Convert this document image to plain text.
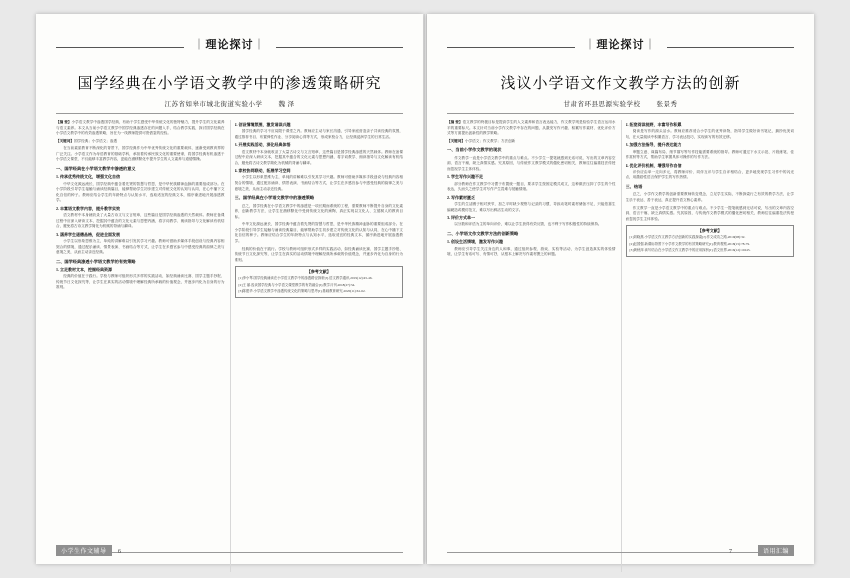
｜理论探讨｜
国学经典在小学语文教学中的渗透策略研究
江苏省如皋市城北街道实验小学 魏 泽

【摘 要】小学语文教学中渗透国学经典，有助于学生感受中华传统文化的独特魅力，提升学生的文化素养与语文素养。本文从当前小学语文教学中国学经典渗透存在的问题入手，结合教学实践，探讨国学经典在小学语文教学中的有效渗透策略，旨在为一线教师提供可资借鉴的经验。

【关键词】国学经典；小学语文；渗透

在当前素质教育不断深化的背景下，国学经典作为中华优秀传统文化的重要载体，逐渐受到教育界的广泛关注。小学语文作为母语教育的基础学科，承担着传承民族文化的重要使命，将国学经典有机渗透于小学语文课堂，不仅能够丰富教学内容，更能在潜移默化中提升学生的人文素养与道德情操。

一、国学经典在小学语文教学中渗透的意义
1. 传承优秀传统文化，增强文化自信

中华文化源远流长，国学经典中蕴含着先贤的智慧与哲思，是中华民族精神血脉的重要组成部分。在小学阶段引导学生接触与诵读经典篇目，能够帮助学生初步建立对传统文化的认知与认同，在心中播下文化自信的种子。教师应结合学生的年龄特点与认知水平，选取适宜的经典文本，循序渐进地开展渗透教学。

2. 丰富语文教学内容，提升教学实效

语文教材中本身就收录了大量古诗文与文言短章，这些篇目是国学经典渗透的天然载体。教师在备课过程中应深入研读文本，挖掘其中蕴含的文化元素与思想内涵，将字词教学、朗读指导与文化解读有机结合，避免将古诗文教学简化为机械的背诵与翻译。

3. 涵养学生道德品格，促进全面发展

小学生以形象思维为主，单纯的讲解难以引发其学习兴趣。教师可借助多媒体手段创设与经典内容相契合的情境，通过配乐诵读、情景表演、书画结合等方式，让学生在多感官参与中感受经典的韵律之美与意境之美，从而主动亲近经典。

二、国学经典渗透小学语文教学的有效策略
1. 立足教材文本，挖掘经典资源

经典的价值在于践行。学校与教师可组织形式多样的实践活动，如经典诵读比赛、国学主题手抄报、传统节日文化探究等，让学生在真实的活动情境中理解经典所承载的价值观念，并逐步内化为自身的行为准则。

2. 创设情境氛围，激发诵读兴趣

国学经典的学习不应局限于课堂之内。教师应主动与家长沟通，引导家庭营造亲子共读经典的氛围，通过推荐书目、布置弹性作业、分享阅读心得等方式，形成家校合力，让经典浸润学生的日常生活。

3. 开展实践活动，深化经典体悟

语文教材中本身就收录了大量古诗文与文言短章，这些篇目是国学经典渗透的天然载体。教师在备课过程中应深入研读文本，挖掘其中蕴含的文化元素与思想内涵，将字词教学、朗读指导与文化解读有机结合，避免将古诗文教学简化为机械的背诵与翻译。

4. 家校协同联动，拓展学习空间

小学生以形象思维为主，单纯的讲解难以引发其学习兴趣。教师可借助多媒体手段创设与经典内容相契合的情境，通过配乐诵读、情景表演、书画结合等方式，让学生在多感官参与中感受经典的韵律之美与意境之美，从而主动亲近经典。

三、国学经典在小学语文教学中的渗透策略

总之，国学经典在小学语文教学中的渗透是一项长期而系统的工程，需要教师不断提升自身的文化素养，创新教学方法，让学生在潜移默化中受到传统文化的熏陶，真正实现以文化人、立德树人的教育目标。

中华文化源远流长，国学经典中蕴含着先贤的智慧与哲思，是中华民族精神血脉的重要组成部分。在小学阶段引导学生接触与诵读经典篇目，能够帮助学生初步建立对传统文化的认知与认同，在心中播下文化自信的种子。教师应结合学生的年龄特点与认知水平，选取适宜的经典文本，循序渐进地开展渗透教学。

经典的价值在于践行。学校与教师可组织形式多样的实践活动，如经典诵读比赛、国学主题手抄报、传统节日文化探究等，让学生在真实的活动情境中理解经典所承载的价值观念，并逐步内化为自身的行为准则。

【参考文献】

[1]李小琴.国学经典诵读在小学语文教学中的渗透路径探析[J].语文教学通讯,2019(12):45-46.

[2]王 丽.浅谈国学经典与小学语文课堂教学的有效融合[J].教学月刊,2018(27):54.

[3]陈建华.小学语文教学中渗透传统文化的策略与思考[J].基础教育研究,2020(11):61-62.

小学生作文辅导	6
｜理论探讨｜
浅议小学语文作文教学方法的创新
甘肃省环县思源实验学校 张景秀

【摘 要】语文教学的终极目标是提高学生的人文素养和语言表达能力，作文教学则是检验学生语言运用水平的重要标尺。本文针对当前小学作文教学中存在的问题，从激发写作兴趣、积累写作素材、优化评价方式等方面提出创新性的教学策略。

【关键词】小学语文；作文教学；方法创新

一、当前小学作文教学的现状

作文教学一直是小学语文教学中的重点与难点。不少学生一提笔就感到无话可说，写出的文章内容空洞、语言干瘪，缺乏真情实感。究其原因，与传统作文教学模式的僵化密切相关，教师往往偏重技法传授而忽视学生主体体验。

1. 学生写作兴趣不足

部分教师在作文教学中习惯于布置统一题目，要求学生按固定模式成文，这种做法压抑了学生的个性表达，久而久之使学生对写作产生畏难与抵触情绪。

2. 写作素材匮乏

学生的生活圈子相对狭窄，加之平时缺少观察与记录的习惯，导致动笔时素材储备不足，只能依靠生编硬造或模仿范文，难以写出鲜活生动的文字。

3. 评价方式单一

以分数和评语为主的单向评价，难以让学生获得有效反馈，也不利于写作积极性的持续保持。

二、小学语文作文教学方法的创新策略
1. 创设生活情境，激发写作兴趣

教师应引导学生关注身边的人和事，通过组织参观、游戏、实验等活动，为学生创造真实的体验情境，让学生有话可写、有情可抒，从根本上解决写作素材匮乏的问题。

2. 拓宽阅读视野，丰富写作积累

阅读是写作的源头活水。教师应推荐适合小学生的优秀读物，指导学生做好读书笔记，摘抄优美词句，在大量阅读中积累语言、学习表达技巧，实现读写的有效迁移。

3. 加强方法指导，提升表达能力

审题立意、谋篇布局、细节描写等写作技能需要系统的指导。教师可通过下水文示范、片段练笔、佳作赏析等方式，帮助学生掌握具体可操作的写作方法。

4. 优化评价机制，增强写作自信

评价应由单一走向多元，将教师评价、同伴互评与学生自评相结合，更多地发现学生习作中的闪光点，用激励性语言保护学生的写作热情。

三、结语

总之，小学作文教学的创新需要教师转变观念，立足学生实际，不断探索行之有效的教学方法，让学生乐于表达、善于表达，真正提升语文核心素养。

作文教学一直是小学语文教学中的重点与难点。不少学生一提笔就感到无话可说，写出的文章内容空洞、语言干瘪，缺乏真情实感。究其原因，与传统作文教学模式的僵化密切相关，教师往往偏重技法传授而忽视学生主体体验。

【参考文献】

[1]刘晓燕.小学语文作文教学方法创新的实践探索[J].作文成功之路,2019(08):32.

[2]赵国强.新课标背景下小学作文教学的有效策略研究[J].教育观察,2018(15):78-79.

[3]黄秋萍.读写结合在小学语文作文教学中的应用探析[J].语文世界,2016(12):10245.

语用汇编
7
